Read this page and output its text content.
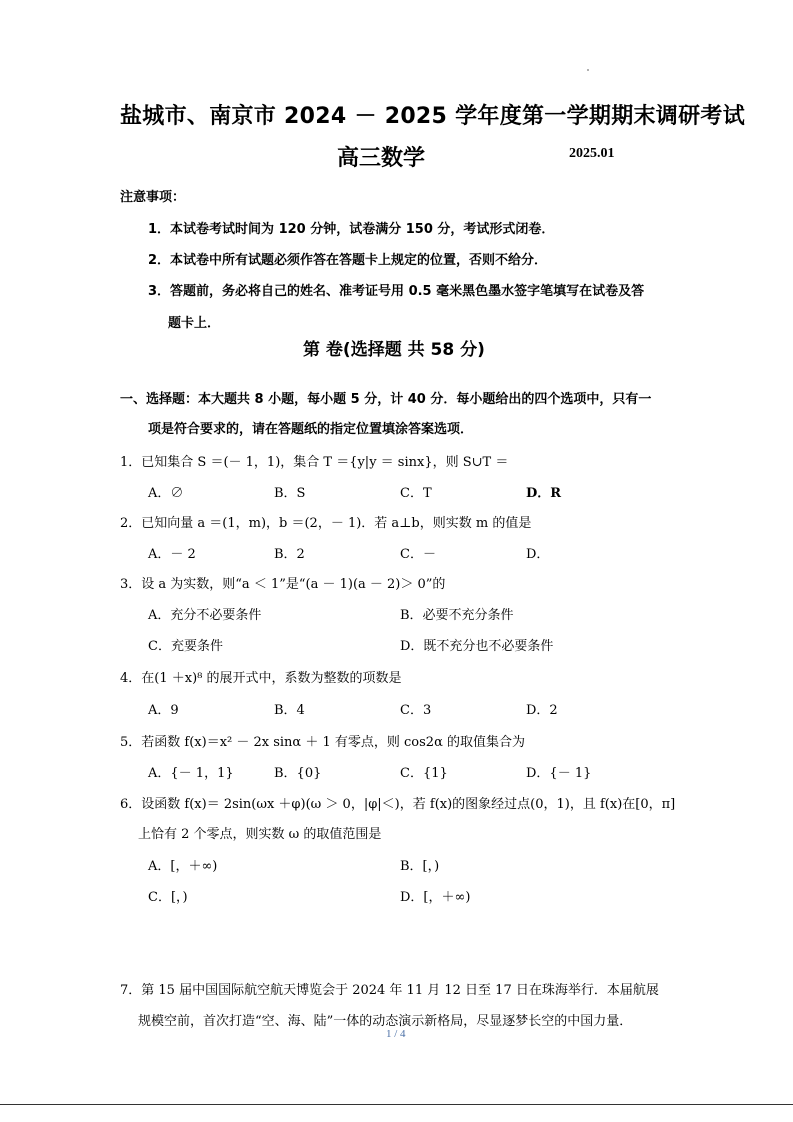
盐城市、南京市 2024 － 2025 学年度第一学期期末调研考试
高三数学	2025.01
注意事项：
1．本试卷考试时间为 120 分钟，试卷满分 150 分，考试形式闭卷．
2．本试卷中所有试题必须作答在答题卡上规定的位置，否则不给分．
3．答题前，务必将自己的姓名、准考证号用 0.5 毫米黑色墨水签字笔填写在试卷及答
题卡上．
第 卷(选择题 共 58 分)
一、选择题：本大题共 8 小题，每小题 5 分，计 40 分．每小题给出的四个选项中，只有一
项是符合要求的，请在答题纸的指定位置填涂答案选项．
1．已知集合 S ＝(－ 1，1)，集合 T ＝{y|y ＝ sinx}，则 S∪T ＝
A．∅	B．S	C．T	D．R
2．已知向量 a ＝(1，m)，b ＝(2，－ 1)．若 a⊥b，则实数 m 的值是
A．－ 2	B．2	C．－	D．
3．设 a 为实数，则“a ＜ 1”是“(a － 1)(a － 2)＞ 0”的
A．充分不必要条件	B．必要不充分条件
C．充要条件	D．既不充分也不必要条件
4．在(1 ＋x)⁸ 的展开式中，系数为整数的项数是
A．9	B．4	C．3	D．2
5．若函数 f(x)＝x² － 2x sinα ＋ 1 有零点，则 cos2α 的取值集合为
A．{－ 1，1}	B．{0}	C．{1}	D．{－ 1}
6．设函数 f(x)＝ 2sin(ωx ＋φ)(ω ＞ 0，|φ|＜)，若 f(x)的图象经过点(0，1)，且 f(x)在[0，π]
上恰有 2 个零点，则实数 ω 的取值范围是
A．[，＋∞)	B．[，)
C．[，)	D．[，＋∞)
7．第 15 届中国国际航空航天博览会于 2024 年 11 月 12 日至 17 日在珠海举行．本届航展
规模空前，首次打造“空、海、陆”一体的动态演示新格局，尽显逐梦长空的中国力量．
1 / 4
